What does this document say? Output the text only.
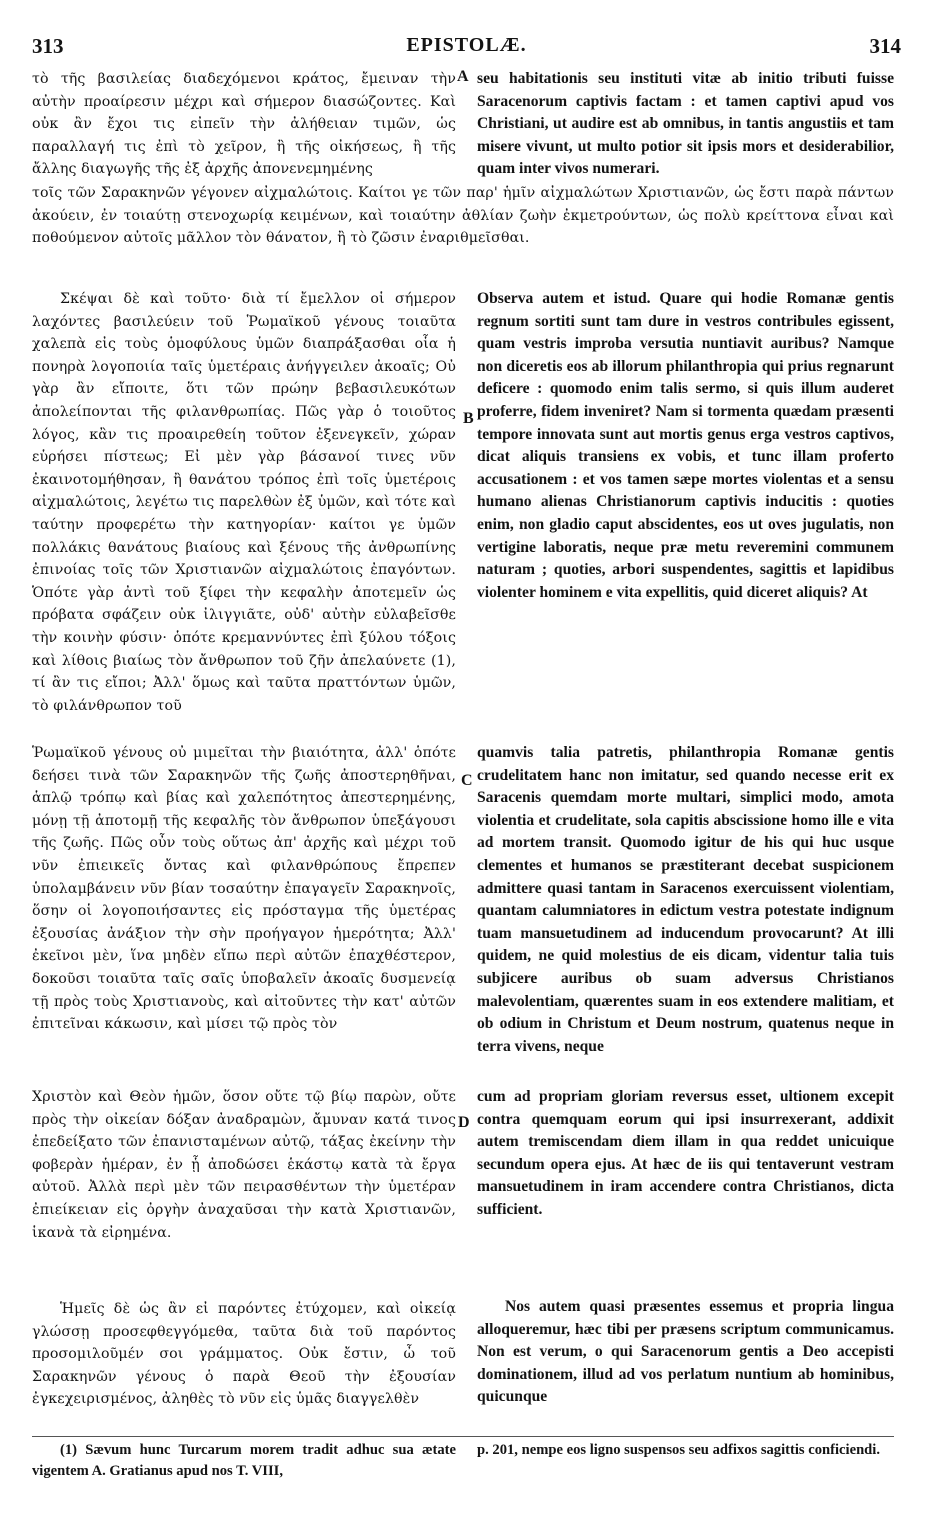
313	EPISTOLÆ.	314

τὸ τῆς βασιλείας διαδεχόμενοι κράτος, ἔμειναν τὴν αὐτὴν προαίρεσιν μέχρι καὶ σήμερον διασώζοντες. Καὶ οὐκ ἂν ἔχοι τις εἰπεῖν τὴν ἀλήθειαν τιμῶν, ὡς παραλλαγή τις ἐπὶ τὸ χεῖρον, ἢ τῆς οἰκήσεως, ἢ τῆς ἄλλης διαγωγῆς τῆς ἐξ ἀρχῆς ἀπονενεμημένης

A seu habitationis seu instituti vitæ ab initio tributi fuisse Saracenorum captivis factam : et tamen captivi apud vos Christiani, ut audire est ab omnibus, in tantis angustiis et tam misere vivunt, ut multo potior sit ipsis mors et desiderabilior, quam inter vivos numerari.

τοῖς τῶν Σαρακηνῶν γέγονεν αἰχμαλώτοις. Καίτοι γε τῶν παρ' ἡμῖν αἰχμαλώτων Χριστιανῶν, ὡς ἔστι παρὰ πάντων ἀκούειν, ἐν τοιαύτῃ στενοχωρίᾳ κειμένων, καὶ τοιαύτην ἀθλίαν ζωὴν ἐκμετρούντων, ὡς πολὺ κρείττονα εἶναι καὶ ποθούμενον αὐτοῖς μᾶλλον τὸν θάνατον, ἢ τὸ ζῶσιν ἐναριθμεῖσθαι.

Σκέψαι δὲ καὶ τοῦτο· διὰ τί ἔμελλον οἱ σήμερον λαχόντες βασιλεύειν τοῦ Ῥωμαϊκοῦ γένους τοιαῦτα χαλεπὰ εἰς τοὺς ὁμοφύλους ὑμῶν διαπράξασθαι οἷα ἡ πονηρὰ λογοποιία ταῖς ὑμετέραις ἀνήγγειλεν ἀκοαῖς; Οὐ γὰρ ἂν εἴποιτε, ὅτι τῶν πρώην βεβασιλευκότων ἀπολείπονται τῆς φιλανθρωπίας. Πῶς γὰρ ὁ τοιοῦτος λόγος, κἂν τις προαιρεθείη τοῦτον ἐξενεγκεῖν, χώραν εὑρήσει πίστεως; Εἰ μὲν γὰρ βάσανοί τινες νῦν ἐκαινοτομήθησαν, ἢ θανάτου τρόπος ἐπὶ τοῖς ὑμετέροις αἰχμαλώτοις, λεγέτω τις παρελθὼν ἐξ ὑμῶν, καὶ τότε καὶ ταύτην προφερέτω τὴν κατηγορίαν· καίτοι γε ὑμῶν πολλάκις θανάτους βιαίους καὶ ξένους τῆς ἀνθρωπίνης ἐπινοίας τοῖς τῶν Χριστιανῶν αἰχμαλώτοις ἐπαγόντων. Ὁπότε γὰρ ἀντὶ τοῦ ξίφει τὴν κεφαλὴν ἀποτεμεῖν ὡς πρόβατα σφάζειν οὐκ ἰλιγγιᾶτε, οὐδ' αὐτὴν εὐλαβεῖσθε τὴν κοινὴν φύσιν· ὁπότε κρεμαννύντες ἐπὶ ξύλου τόξοις καὶ λίθοις βιαίως τὸν ἄνθρωπον τοῦ ζῆν ἀπελαύνετε (1), τί ἂν τις εἴποι; Ἀλλ' ὅμως καὶ ταῦτα πραττόντων ὑμῶν, τὸ φιλάνθρωπον τοῦ

B

Observa autem et istud. Quare qui hodie Romanæ gentis regnum sortiti sunt tam dure in vestros contribules egissent, quam vestris improba versutia nuntiavit auribus? Namque non diceretis eos ab illorum philanthropia qui prius regnarunt deficere : quomodo enim talis sermo, si quis illum auderet proferre, fidem inveniret? Nam si tormenta quædam præsenti tempore innovata sunt aut mortis genus erga vestros captivos, dicat aliquis transiens ex vobis, et tunc illam proferto accusationem : et vos tamen sæpe mortes violentas et a sensu humano alienas Christianorum captivis inducitis : quoties enim, non gladio caput abscidentes, eos ut oves jugulatis, non vertigine laboratis, neque præ metu reveremini communem naturam ; quoties, arbori suspendentes, sagittis et lapidibus violenter hominem e vita expellitis, quid diceret aliquis? At

Ῥωμαϊκοῦ γένους οὐ μιμεῖται τὴν βιαιότητα, ἀλλ' ὁπότε δεήσει τινὰ τῶν Σαρακηνῶν τῆς ζωῆς ἀποστερηθῆναι, ἁπλῷ τρόπῳ καὶ βίας καὶ χαλεπότητος ἀπεστερημένης, μόνῃ τῇ ἀποτομῇ τῆς κεφαλῆς τὸν ἄνθρωπον ὑπεξάγουσι τῆς ζωῆς. Πῶς οὖν τοὺς οὕτως ἀπ' ἀρχῆς καὶ μέχρι τοῦ νῦν ἐπιεικεῖς ὄντας καὶ φιλανθρώπους ἔπρεπεν ὑπολαμβάνειν νῦν βίαν τοσαύτην ἐπαγαγεῖν Σαρακηνοῖς, ὅσην οἱ λογοποιήσαντες εἰς πρόσταγμα τῆς ὑμετέρας ἐξουσίας ἀνάξιον τὴν σὴν προήγαγον ἡμερότητα; Ἀλλ' ἐκεῖνοι μὲν, ἵνα μηδὲν εἴπω περὶ αὐτῶν ἐπαχθέστερον, δοκοῦσι τοιαῦτα ταῖς σαῖς ὑποβαλεῖν ἀκοαῖς δυσμενείᾳ τῇ πρὸς τοὺς Χριστιανοὺς, καὶ αἰτοῦντες τὴν κατ' αὐτῶν ἐπιτεῖναι κάκωσιν, καὶ μίσει τῷ πρὸς τὸν

C

quamvis talia patretis, philanthropia Romanæ gentis crudelitatem hanc non imitatur, sed quando necesse erit ex Saracenis quemdam morte multari, simplici modo, amota violentia et crudelitate, sola capitis abscissione homo ille e vita ad mortem transit. Quomodo igitur de his qui huc usque clementes et humanos se præstiterant decebat suspicionem admittere quasi tantam in Saracenos exercuissent violentiam, quantam calumniatores in edictum vestra potestate indignum tuam mansuetudinem ad inducendum provocarunt? At illi quidem, ne quid molestius de eis dicam, videntur talia tuis subjicere auribus ob suam adversus Christianos malevolentiam, quærentes suam in eos extendere malitiam, et ob odium in Christum et Deum nostrum, quatenus neque in terra vivens, neque

Χριστὸν καὶ Θεὸν ἡμῶν, ὅσον οὔτε τῷ βίῳ παρὼν, οὔτε πρὸς τὴν οἰκείαν δόξαν ἀναδραμὼν, ἄμυναν κατά τινος ἐπεδείξατο τῶν ἐπανισταμένων αὐτῷ, τάξας ἐκείνην τὴν φοβερὰν ἡμέραν, ἐν ᾗ ἀποδώσει ἑκάστῳ κατὰ τὰ ἔργα αὐτοῦ. Ἀλλὰ περὶ μὲν τῶν πειρασθέντων τὴν ὑμετέραν ἐπιείκειαν εἰς ὀργὴν ἀναχαῦσαι τὴν κατὰ Χριστιανῶν, ἱκανὰ τὰ εἰρημένα.

D

cum ad propriam gloriam reversus esset, ultionem excepit contra quemquam eorum qui ipsi insurrexerant, addixit autem tremiscendam diem illam in qua reddet unicuique secundum opera ejus. At hæc de iis qui tentaverunt vestram mansuetudinem in iram accendere contra Christianos, dicta sufficient.

Ἡμεῖς δὲ ὡς ἂν εἰ παρόντες ἐτύχομεν, καὶ οἰκείᾳ γλώσσῃ προσεφθεγγόμεθα, ταῦτα διὰ τοῦ παρόντος προσομιλοῦμέν σοι γράμματος. Οὐκ ἔστιν, ὦ τοῦ Σαρακηνῶν γένους ὁ παρὰ Θεοῦ τὴν ἐξουσίαν ἐγκεχειρισμένος, ἀληθὲς τὸ νῦν εἰς ὑμᾶς διαγγελθὲν

Nos autem quasi præsentes essemus et propria lingua alloqueremur, hæc tibi per præsens scriptum communicamus. Non est verum, o qui Saracenorum gentis a Deo accepisti dominationem, illud ad vos perlatum nuntium ab hominibus, quicunque

(1) Sævum hunc Turcarum morem tradit adhuc sua ætate vigentem A. Gratianus apud nos T. VIII,

p. 201, nempe eos ligno suspensos seu adfixos sagittis conficiendi.
